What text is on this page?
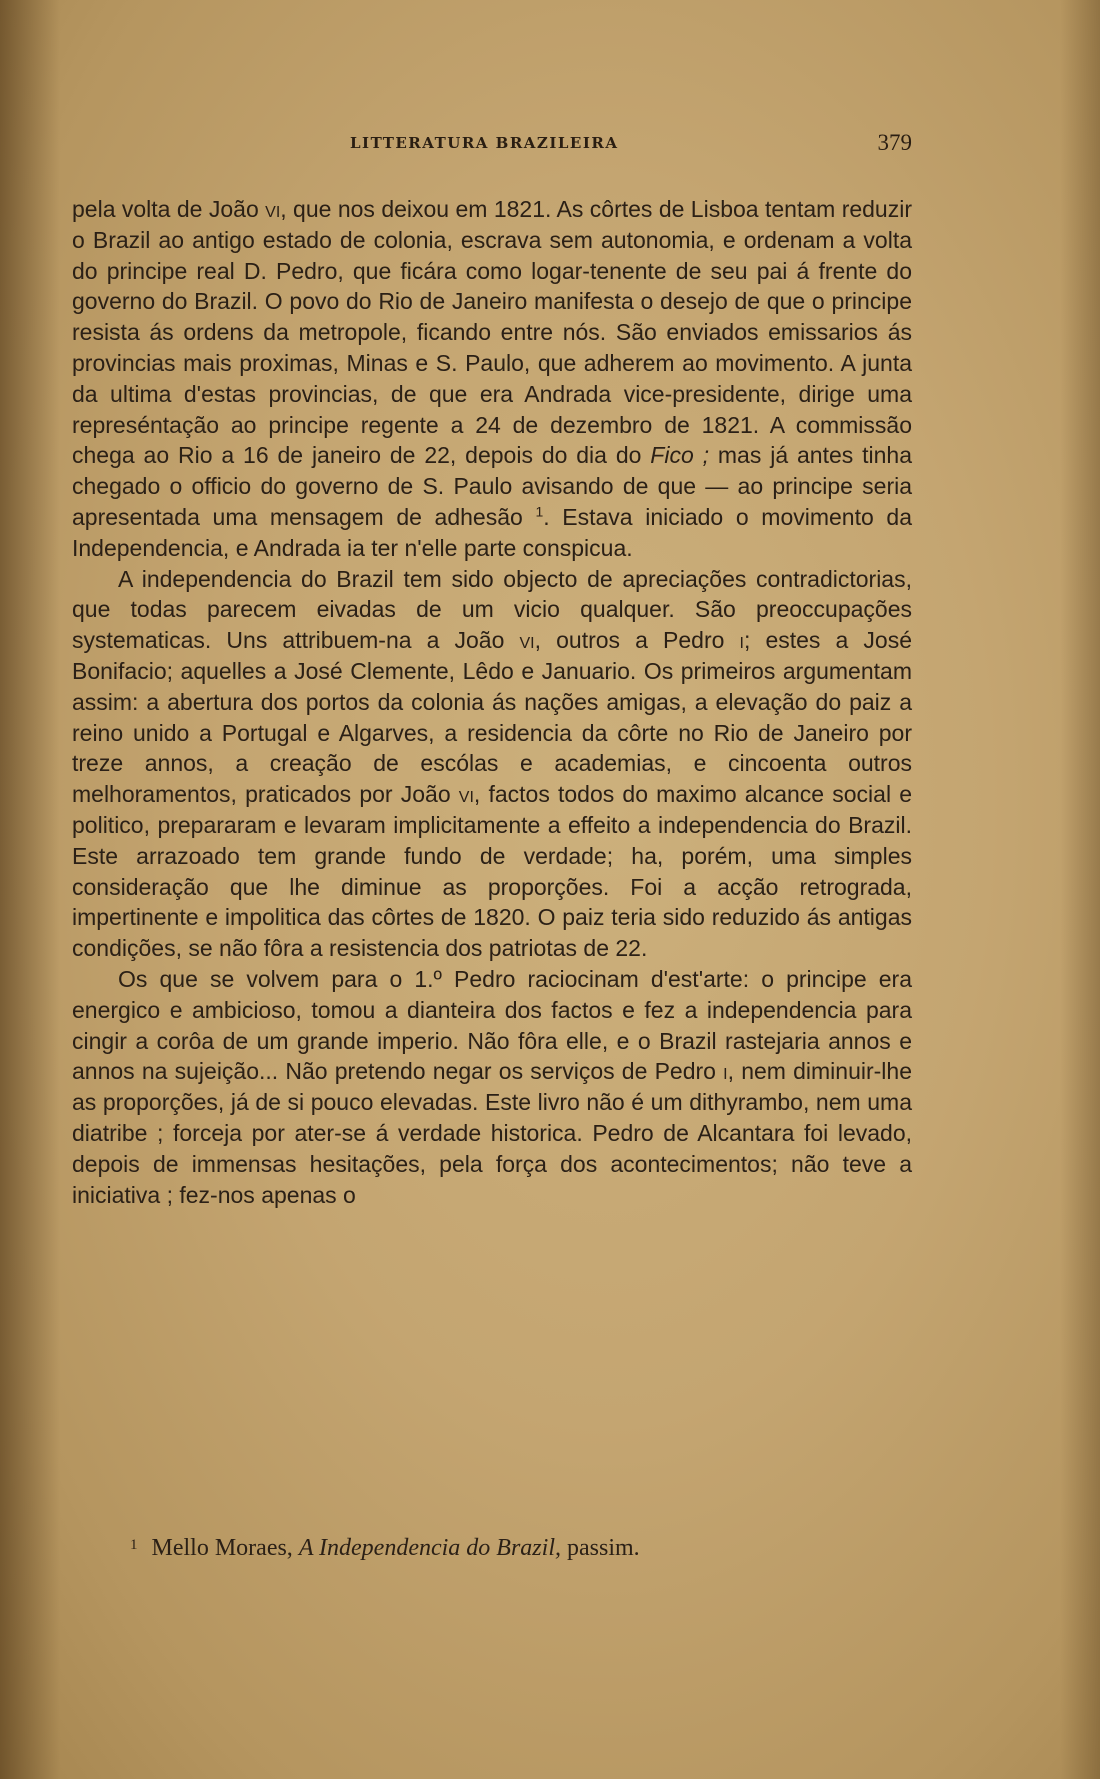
LITTERATURA BRAZILEIRA	379

pela volta de João vi, que nos deixou em 1821. As côrtes de Lisboa tentam reduzir o Brazil ao antigo estado de colonia, escrava sem autonomia, e ordenam a volta do principe real D. Pedro, que ficára como logar-tenente de seu pai á frente do governo do Brazil. O povo do Rio de Janeiro manifesta o desejo de que o principe resista ás ordens da metropole, ficando entre nós. São enviados emissarios ás provincias mais proximas, Minas e S. Paulo, que adherem ao movimento. A junta da ultima d'estas provincias, de que era Andrada vice-presidente, dirige uma represéntação ao principe regente a 24 de dezembro de 1821. A commissão chega ao Rio a 16 de janeiro de 22, depois do dia do Fico ; mas já antes tinha chegado o officio do governo de S. Paulo avisando de que — ao principe seria apresentada uma mensagem de adhesão $^1$. Estava iniciado o movimento da Independencia, e Andrada ia ter n'elle parte conspicua.

A independencia do Brazil tem sido objecto de apreciações contradictorias, que todas parecem eivadas de um vicio qualquer. São preoccupações systematicas. Uns attribuem-na a João vi, outros a Pedro i; estes a José Bonifacio; aquelles a José Clemente, Lêdo e Januario. Os primeiros argumentam assim: a abertura dos portos da colonia ás nações amigas, a elevação do paiz a reino unido a Portugal e Algarves, a residencia da côrte no Rio de Janeiro por treze annos, a creação de escólas e academias, e cincoenta outros melhoramentos, praticados por João vi, factos todos do maximo alcance social e politico, prepararam e levaram implicitamente a effeito a independencia do Brazil. Este arrazoado tem grande fundo de verdade; ha, porém, uma simples consideração que lhe diminue as proporções. Foi a acção retrograda, impertinente e impolitica das côrtes de 1820. O paiz teria sido reduzido ás antigas condições, se não fôra a resistencia dos patriotas de 22.

Os que se volvem para o 1.º Pedro raciocinam d'est'arte: o principe era energico e ambicioso, tomou a dianteira dos factos e fez a independencia para cingir a corôa de um grande imperio. Não fôra elle, e o Brazil rastejaria annos e annos na sujeição... Não pretendo negar os serviços de Pedro i, nem diminuir-lhe as proporções, já de si pouco elevadas. Este livro não é um dithyrambo, nem uma diatribe ; forceja por ater-se á verdade historica. Pedro de Alcantara foi levado, depois de immensas hesitações, pela força dos acontecimentos; não teve a iniciativa ; fez-nos apenas o

$^1$ Mello Moraes, A Independencia do Brazil, passim.
